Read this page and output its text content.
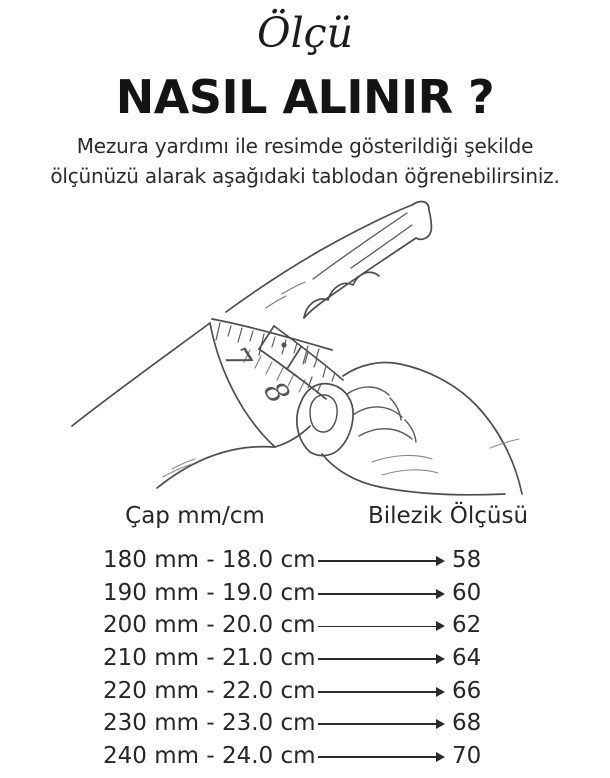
Ölçü
NASIL ALINIR ?
Mezura yardımı ile resimde gösterildiği şekilde
ölçünüzü alarak aşağıdaki tablodan öğrenebilirsiniz.
7
8
Çap mm/cm	Bilezik Ölçüsü
180 mm - 18.0 cm	58
190 mm - 19.0 cm	60
200 mm - 20.0 cm	62
210 mm - 21.0 cm	64
220 mm - 22.0 cm	66
230 mm - 23.0 cm	68
240 mm - 24.0 cm	70
